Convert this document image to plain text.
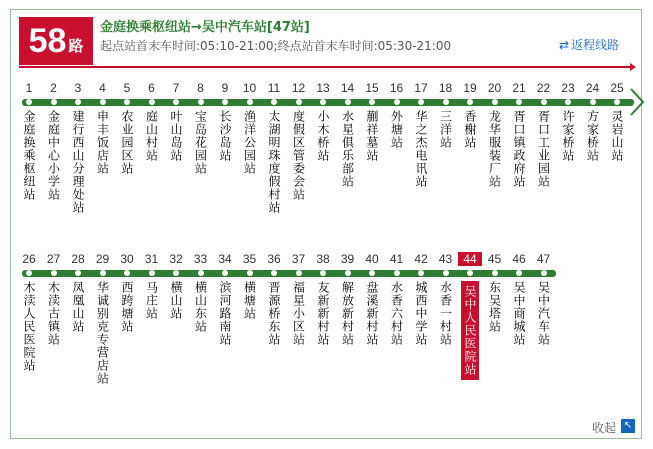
58 路
金庭换乘枢纽站→吴中汽车站[47站]
起点站首末车时间:05:10-21:00;终点站首末车时间:05:30-21:00	⇄ 返程线路
1
金庭换乘枢纽站
2
金庭中心小学站
3
建行西山分理处站
4
申丰饭店站
5
农业园区站
6
庭山村站
7
叶山岛站
8
宝岛花园站
9
长沙岛站
10
渔洋公园站
11
太湖明珠度假村站
12
度假区管委会站
13
小木桥站
14
水星俱乐部站
15
蒯祥墓站
16
外塘站
17
华之杰电讯站
18
三洋站
19
香榭站
20
龙华服装厂站
21
胥口镇政府站
22
胥口工业园站
23
许家桥站
24
方家桥站
25
灵岩山站
26
木渎人民医院站
27
木渎古镇站
28
凤凰山站
29
华诚别克专营店站
30
西跨塘站
31
马庄站
32
横山站
33
横山东站
34
滨河路南站
35
横塘站
36
晋源桥东站
37
福星小区站
38
友新新村站
39
解放新村站
40
盘溪新村站
41
水香六村站
42
城西中学站
43
水香一村站
44
吴中人民医院站
45
东吴塔站
46
吴中商城站
47
吴中汽车站
收起 ↖
